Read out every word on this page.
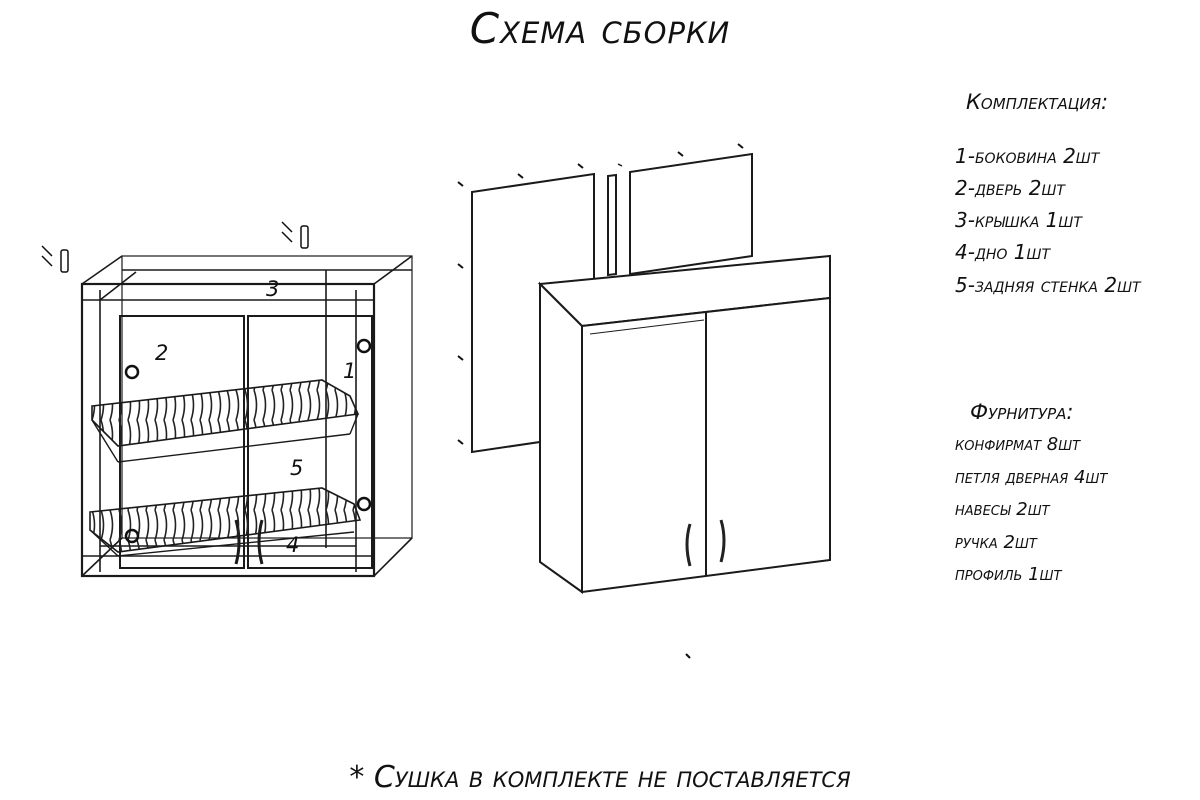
Схема сборки
3
2
1
5
4
Комплектация:
1-боковина 2шт
2-дверь 2шт
3-крышка 1шт
4-дно 1шт
5-задняя стенка 2шт
Фурнитура:
конфирмат 8шт
петля дверная 4шт
навесы 2шт
ручка 2шт
профиль 1шт
* Сушка в комплекте не поставляется
